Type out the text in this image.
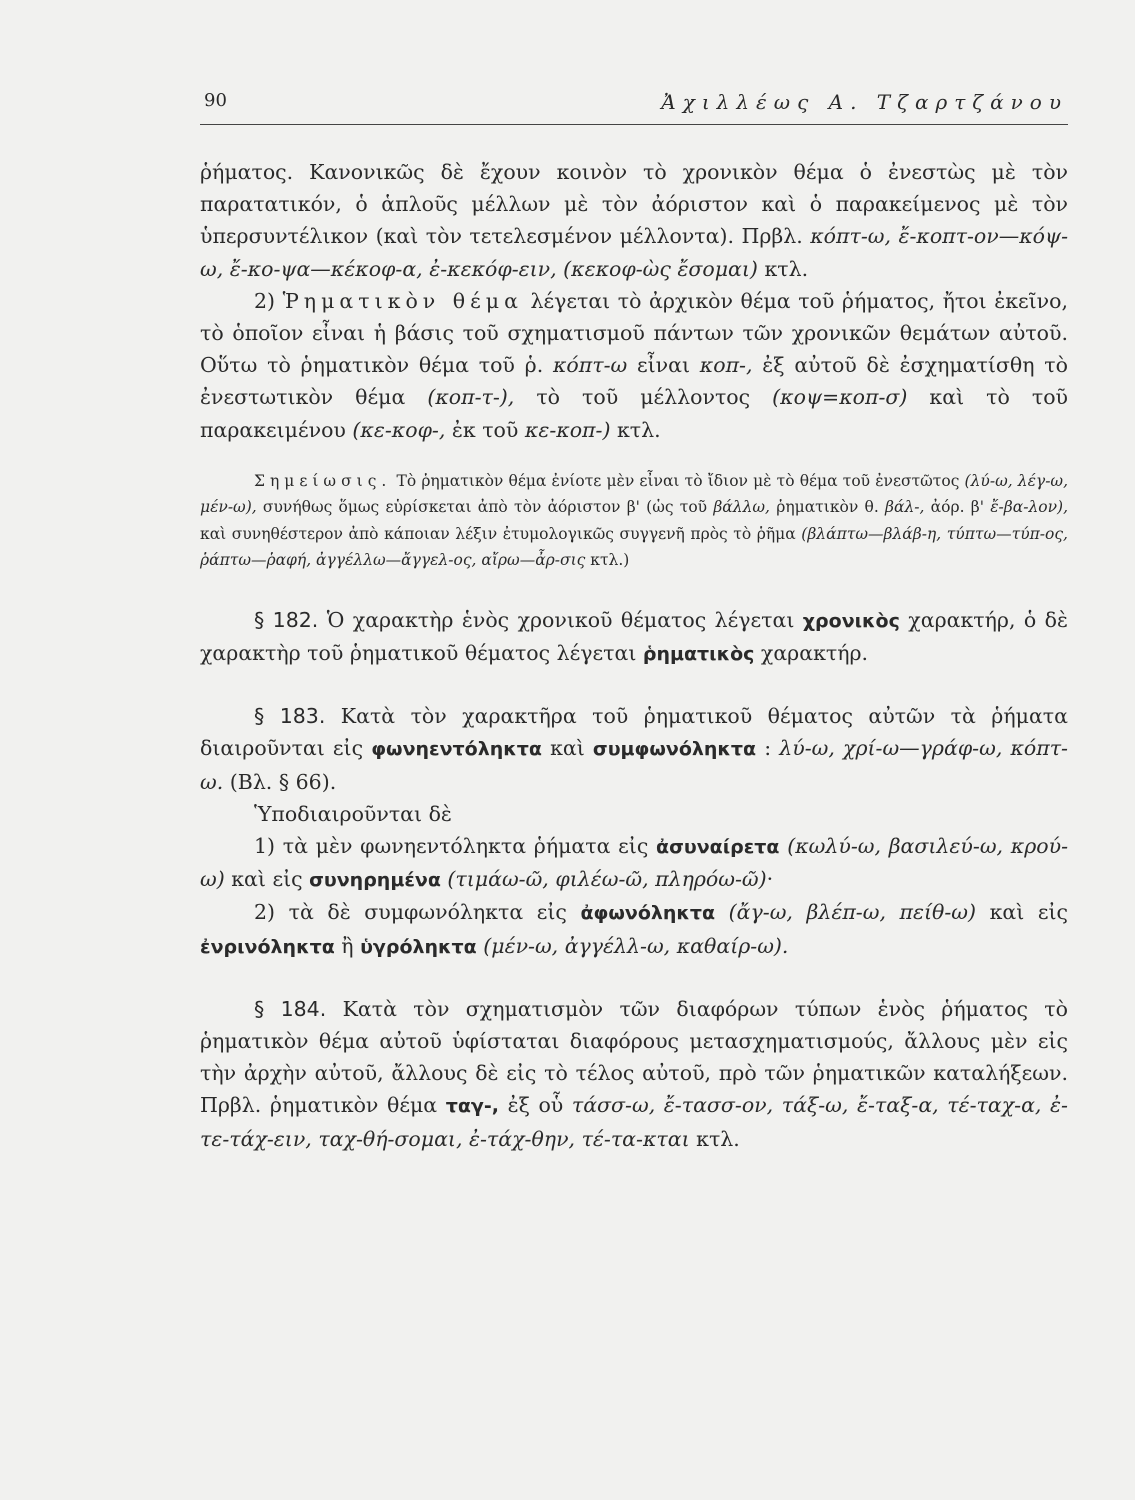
90	Ἀχιλλέως Α. Τζαρτζάνου

ῥήματος. Κανονικῶς δὲ ἔχουν κοινὸν τὸ χρονικὸν θέμα ὁ ἐνεστὼς μὲ τὸν παρατατικόν, ὁ ἁπλοῦς μέλλων μὲ τὸν ἀόριστον καὶ ὁ παρακείμενος μὲ τὸν ὑπερσυντέλικον (καὶ τὸν τετελεσμένον μέλλοντα). Πρβλ. κόπτ-ω, ἔ-κοπτ-ον—κόψ-ω, ἔ-κο-ψα—κέκοφ-α, ἐ-κεκόφ-ειν, (κεκοφ-ὼς ἔσομαι) κτλ.

2) Ῥηματικὸν θέμα λέγεται τὸ ἀρχικὸν θέμα τοῦ ῥήματος, ἤτοι ἐκεῖνο, τὸ ὁποῖον εἶναι ἡ βάσις τοῦ σχηματισμοῦ πάντων τῶν χρονικῶν θεμάτων αὐτοῦ. Οὕτω τὸ ῥηματικὸν θέμα τοῦ ῥ. κόπτ-ω εἶναι κοπ-, ἐξ αὐτοῦ δὲ ἐσχηματίσθη τὸ ἐνεστωτικὸν θέμα (κοπ-τ-), τὸ τοῦ μέλλοντος (κοψ=κοπ-σ) καὶ τὸ τοῦ παρακειμένου (κε-κοφ-, ἐκ τοῦ κε-κοπ-) κτλ.

Σημείωσις. Τὸ ῥηματικὸν θέμα ἐνίοτε μὲν εἶναι τὸ ἴδιον μὲ τὸ θέμα τοῦ ἐνεστῶτος (λύ-ω, λέγ-ω, μέν-ω), συνήθως ὅμως εὑρίσκεται ἀπὸ τὸν ἀόριστον β' (ὡς τοῦ βάλλω, ῥηματικὸν θ. βάλ-, ἀόρ. β' ἔ-βα-λον), καὶ συνηθέστερον ἀπὸ κάποιαν λέξιν ἐτυμολογικῶς συγγενῆ πρὸς τὸ ῥῆμα (βλάπτω—βλάβ-η, τύπτω—τύπ-ος, ῥάπτω—ῥαφή, ἀγγέλλω—ἄγγελ-ος, αἴρω—ἆρ-σις κτλ.)

§ 182. Ὁ χαρακτὴρ ἑνὸς χρονικοῦ θέματος λέγεται χρονικὸς χαρακτήρ, ὁ δὲ χαρακτὴρ τοῦ ῥηματικοῦ θέματος λέγεται ῥηματικὸς χαρακτήρ.

§ 183. Κατὰ τὸν χαρακτῆρα τοῦ ῥηματικοῦ θέματος αὐτῶν τὰ ῥήματα διαιροῦνται εἰς φωνηεντόληκτα καὶ συμφωνόληκτα : λύ-ω, χρί-ω—γράφ-ω, κόπτ-ω. (Βλ. § 66).

Ὑποδιαιροῦνται δὲ

1) τὰ μὲν φωνηεντόληκτα ῥήματα εἰς ἀσυναίρετα (κωλύ-ω, βασιλεύ-ω, κρού-ω) καὶ εἰς συνηρημένα (τιμάω-ῶ, φιλέω-ῶ, πληρόω-ῶ)·

2) τὰ δὲ συμφωνόληκτα εἰς ἀφωνόληκτα (ἄγ-ω, βλέπ-ω, πείθ-ω) καὶ εἰς ἐνρινόληκτα ἢ ὑγρόληκτα (μέν-ω, ἀγγέλλ-ω, καθαίρ-ω).

§ 184. Κατὰ τὸν σχηματισμὸν τῶν διαφόρων τύπων ἑνὸς ῥήματος τὸ ῥηματικὸν θέμα αὐτοῦ ὑφίσταται διαφόρους μετασχηματισμούς, ἄλλους μὲν εἰς τὴν ἀρχὴν αὐτοῦ, ἄλλους δὲ εἰς τὸ τέλος αὐτοῦ, πρὸ τῶν ῥηματικῶν καταλήξεων. Πρβλ. ῥηματικὸν θέμα ταγ-, ἐξ οὗ τάσσ-ω, ἔ-τασσ-ον, τάξ-ω, ἔ-ταξ-α, τέ-ταχ-α, ἐ-τε-τάχ-ειν, ταχ-θή-σομαι, ἐ-τάχ-θην, τέ-τα-κται κτλ.
